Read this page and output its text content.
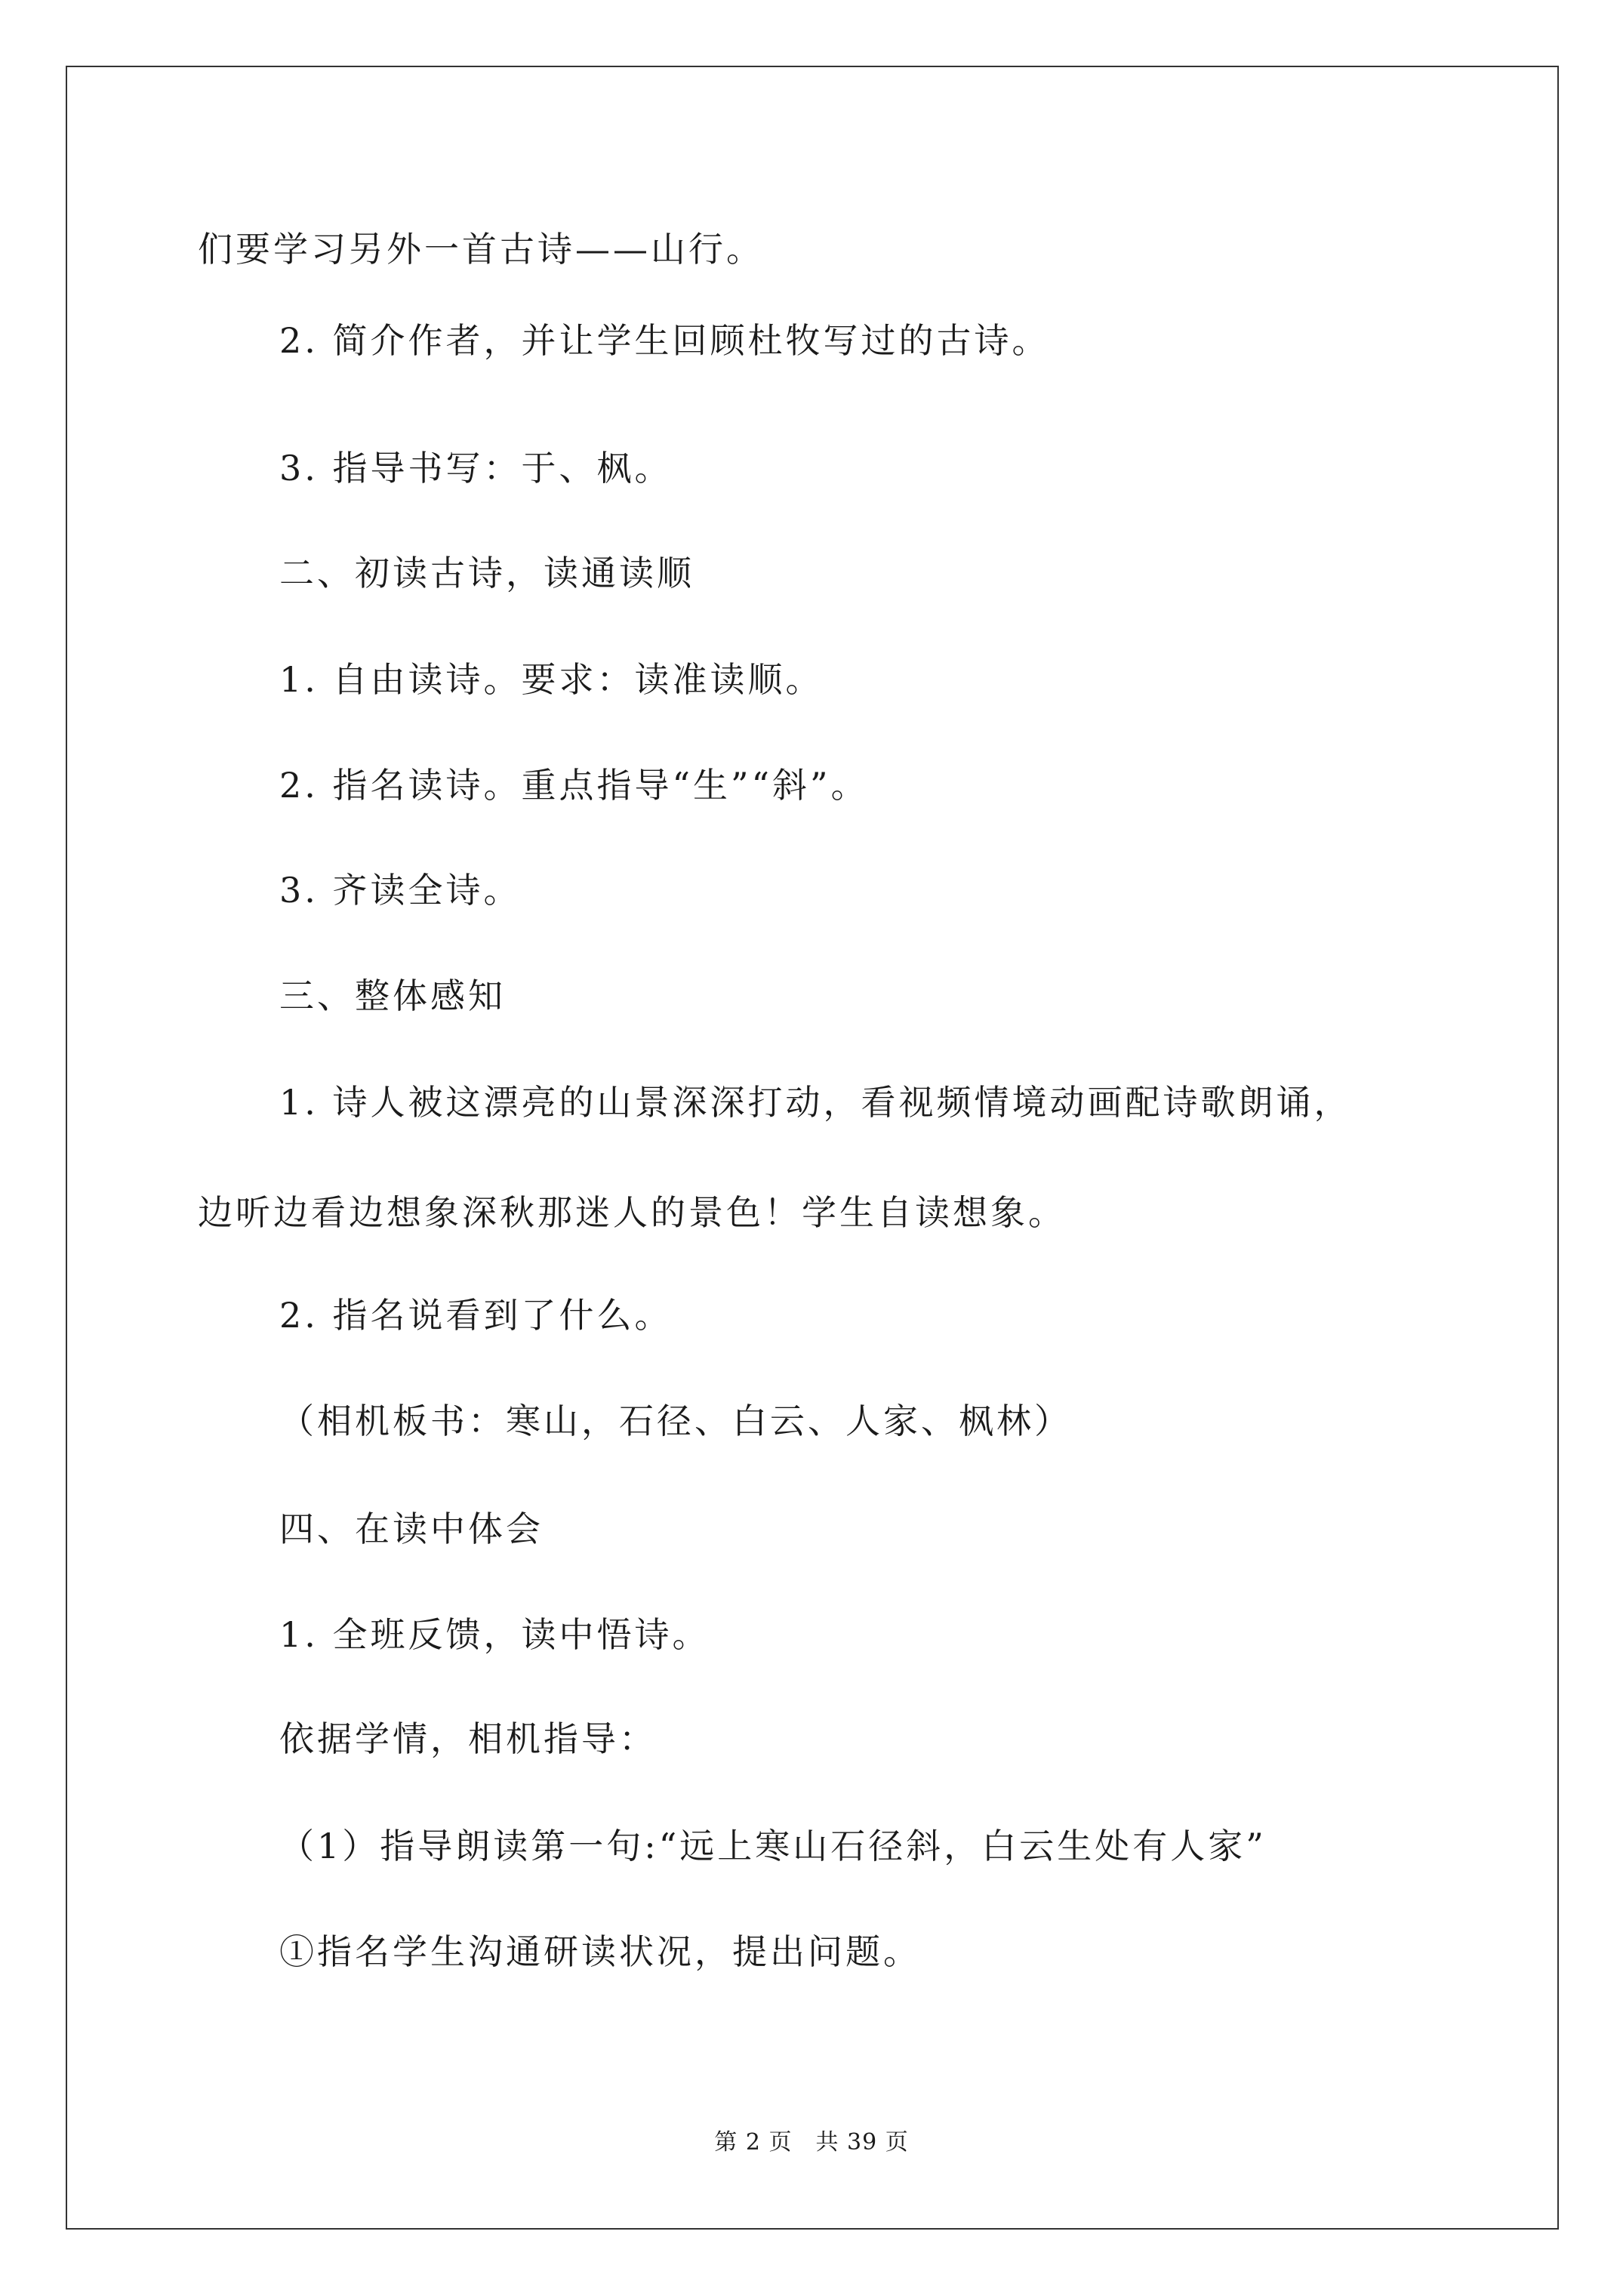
们要学习另外一首古诗——山行。
2. 简介作者，并让学生回顾杜牧写过的古诗。
3. 指导书写：于、枫。
二、初读古诗，读通读顺
1. 自由读诗。要求：读准读顺。
2. 指名读诗。重点指导“生”“斜”。
3. 齐读全诗。
三、整体感知
1. 诗人被这漂亮的山景深深打动，看视频情境动画配诗歌朗诵，
边听边看边想象深秋那迷人的景色！学生自读想象。
2. 指名说看到了什么。
（相机板书：寒山，石径、白云、人家、枫林）
四、在读中体会
1. 全班反馈，读中悟诗。
依据学情，相机指导：
（1）指导朗读第一句:“远上寒山石径斜，白云生处有人家”
①指名学生沟通研读状况，提出问题。
第 2 页　共 39 页
